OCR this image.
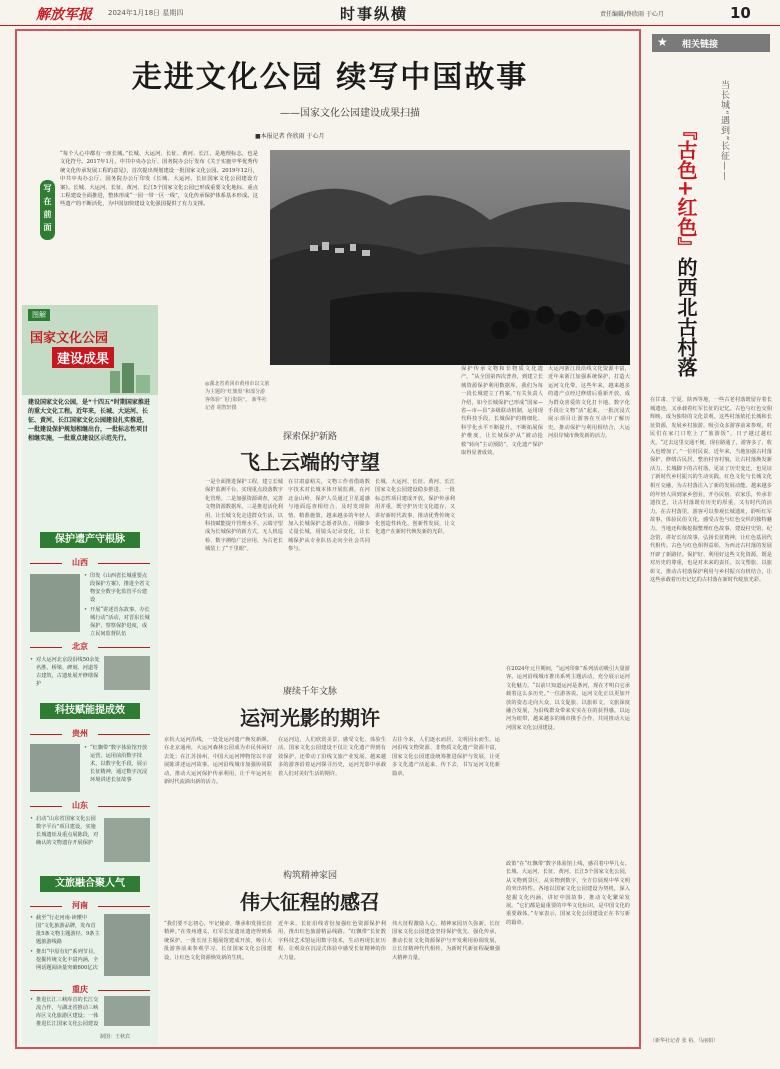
解放军报 2024年1月18日 星期四	时事纵横	责任编辑/佟欣雨 于心月	10
走进文化公园 续写中国故事
——国家文化公园建设成果扫描
■本报记者 佟欣雨 于心月
写在前面
“每个人心中都有一座长城。”长城、大运河、长征、黄河、长江，是地理标志，也是文化符号。2017年1月，中共中央办公厅、国务院办公厅发布《关于实施中华优秀传统文化传承发展工程的意见》，首次提出规划建设一批国家文化公园。2019年12月，中共中央办公厅、国务院办公厅印发《长城、大运河、长征国家文化公园建设方案》。长城、大运河、长征、黄河、长江5个国家文化公园已形成重要文化地标、重点工程建设全面推进，整体形成“一园一带一区一线”，文化传承保护体系基本形成。这些遗产的不断活化，为中国加快建设文化强国提供了有力支撑。
◎湖北省黄冈市黄州市以文旅为主题的“红旗渠”和部分游客体验“飞行影院”。 新华社记者 胡智轩摄
图解
国家文化公园
建设成果
建设国家文化公园，是“十四五”时期国家推进的重大文化工程。近年来，长城、大运河、长征、黄河、长江国家文化公园建设扎实推进，一批建设保护规划相继出台，一批标志性项目相继实施，一批重点建设区示范先行。
保护遗产守根脉
山西
• 印发《山西省长城重要点段保护方案》，推进全省文物安全数字化监管平台建设
• 开展“讲述晋东故事、办长城行动”活动，对晋东长城保护、察察保护进度，成立民间监督队伍
北京
• 对大运河北京段沿线50余处名胜、桥梁、碑刻、河道等古建筑，古遗址展开修缮保护
科技赋能提成效
贵州
• “红飘带”数字体验馆开放运营，运用前沿数字技术，以数字化手段，展示长征精神，通过数字沉浸环境讲述长征故事
山东
• 启动“山东省国家文化公园数字平台”项目建设，实施长城遗址及重点展陈段，对确认的文物遗存开展保护
文旅融合聚人气
河南
• 截至“行走河南·读懂中国”文化旅游品牌，发布首批5条文物主题游径、9条主题旅游线路
• 推出“中原有好”系列节目，挖掘传统文化丰富内涵，全网话题阅读量突破600亿次
重庆
• 推进长江三峡库首的长江交流合作，与湖北省推动三峡库区文化旅游区建设；一体推进长江国家文化公园建设
制图：王秋宾
探索保护新路
飞上云端的守望
一是全面推进保护工程，建立长城保护监测平台，实现重点段落数字化管理。二是加强资源调查，完善文物资源数据库。三是推进活化利用，让长城文化走进群众生活，以科技赋能提升管理水平。云端守望成为长城保护的新方式，无人机巡检、数字测绘广泛应用，为古老长城装上了“千里眼”。
在甘肃嘉峪关，文物工作者借助数字技术对长城本体开展监测。在河北金山岭，保护人员通过卫星遥感与地面巡查相结合，及时发现险情、精准施策。越来越多的年轻人加入长城保护志愿者队伍，用脚步丈量长城，用镜头记录变化，让长城保护从专业队伍走向全社会共同参与。
长城、大运河、长征、黄河、长江国家文化公园建设稳步推进，一批标志性项目建成开放。保护传承利用并重，既守护历史文化遗存，又讲好新时代故事，推动优秀传统文化创造性转化、创新性发展，让文化遗产在新时代焕发新的光彩。
保护传承文物和非物质文化遗产。“从全国第四次普查，到建立长城资源保护利用数据库，我们为每一段长城建立了档案。”有关负责人介绍，如今长城保护已形成“国家—省—市—县”多级联动机制，运用现代科技手段，长城保护的精细化、科学化水平不断提升。不断拓展保护维度，让长城保护从“被动抢救”转向“主动预防”，文化遗产保护取得显著成效。
大运河浙江段沿线文化资源丰富，近年来浙江加强系统保护，打造大运河文化带。这些年来，越来越多的遗产点经过修缮后重新开放，成为群众喜爱的文化打卡地。数字化手段让文物“活”起来，一批沉浸式展示项目让游客在互动中了解历史。推动保护与利用相结合，大运河沿岸城市焕发新的活力。
赓续千年文脉
运河光影的期许
京杭大运河沿线，一处处运河遗产焕发新颜。在北京通州，大运河森林公园成为市民休闲好去处；在江苏扬州，中国大运河博物馆以丰富展陈讲述运河故事。运河沿线城市加强协同联动，推动大运河保护传承利用，让千年运河在新时代流淌出新的活力。
在运河边，人们欣赏美景、感受文化、体验生活。国家文化公园建设不仅让文化遗产得到有效保护，还带动了沿线文旅产业发展。越来越多的游客沿着运河探寻历史，运河光影中承载着人们对美好生活的期许。
古往今来，人们逐水而居，文明因水而生。运河沿线文物资源、非物质文化遗产资源丰富，国家文化公园建设统筹推进保护与发展，让更多文化遗产活起来、传下去，书写运河文化新篇章。
在2024年元旦期间，“运河印象”系列活动吸引大量游客。运河沿线城市推出系列主题活动，充分展示运河文化魅力。“以前只知道运河是条河，现在才明白它承载着这么多历史。”一位游客说。运河文化正以更加开放的姿态走向大众，以文促旅、以旅彰文，文旅深度融合发展，为沿线群众带来实实在在的获得感。以运河为纽带，越来越多的城市携手合作，共同推动大运河国家文化公园建设。
构筑精神家园
伟大征程的感召
“我们要不忘初心，牢记使命，继承和发扬长征精神。”在贵州遵义，红军长征遗址遗迹得到系统保护，一批长征主题展馆建成开放，吸引大批游客前来参观学习。长征国家文化公园建设，让红色文化资源焕发新的生机。
近年来，长征沿线省份加强红色资源保护利用，推出红色旅游精品线路。“红飘带”长征数字科技艺术馆运用数字技术，生动再现长征历程，让观众在沉浸式体验中感受长征精神的伟大力量。
伟大征程激励人心，精神家园历久弥新。长征国家文化公园建设坚持保护优先、强化传承，推动长征文化资源保护与开发利用协调发展，让长征精神代代相传，为新时代新征程凝聚强大精神力量。
政策”在“红飘带”数字体验馆上线，感召着中华儿女。长城、大运河、长征、黄河、长江5个国家文化公园，从文物到景区，从实物到数字，全方位展现中华文明的突出特性。各地以国家文化公园建设为契机，深入挖掘文化内涵，讲好中国故事，推动文化繁荣发展。“它们都是最重要的中华文化标识，是中国文化的重要载体。”专家表示，国家文化公园建设正在书写新的篇章。
★ 相关链接
当长城“遇到”长征——
『古色+红色』
的西北古村落
在甘肃、宁夏、陕西等地，一些古老村落既留存着长城遗迹，又承载着红军长征的记忆。古色与红色交相辉映，成为独特的文化景观。这些村落依托长城和长征资源，发展乡村旅游，吸引众多游客前来参观。村民们在家门口吃上了“旅游饭”，日子越过越红火。“过去这里交通不便，现在路通了，游客多了，收入也增加了。”一位村民说。近年来，当地加强古村落保护，修缮古民居，整治村容村貌，让古村落焕发新活力。长城脚下的古村落，见证了历史变迁，也见证了新时代乡村振兴的生动实践。红色文化与长城文化相互交融，为古村落注入了新的发展动能。越来越多的年轻人回到家乡创业，开办民宿、农家乐，传承非遗技艺，让古村落既有历史的厚重，又有时代的活力。在古村落里，游客可以参观长城遗址，聆听红军故事，体验民俗文化，感受古色与红色交织的独特魅力。当地还积极挖掘整理红色故事，建设村史馆、纪念馆，讲好长征故事，弘扬长征精神，让红色基因代代相传。古色与红色相得益彰，为西北古村落的发展开辟了新路径。保护好、利用好这些文化资源，既是对历史的尊重，也是对未来的责任。以文塑旅、以旅彰文，推动古村落保护利用与乡村振兴有机结合，让这些承载着历史记忆的古村落在新时代绽放光彩。
（新华社记者 张 裕、马丽娟）
